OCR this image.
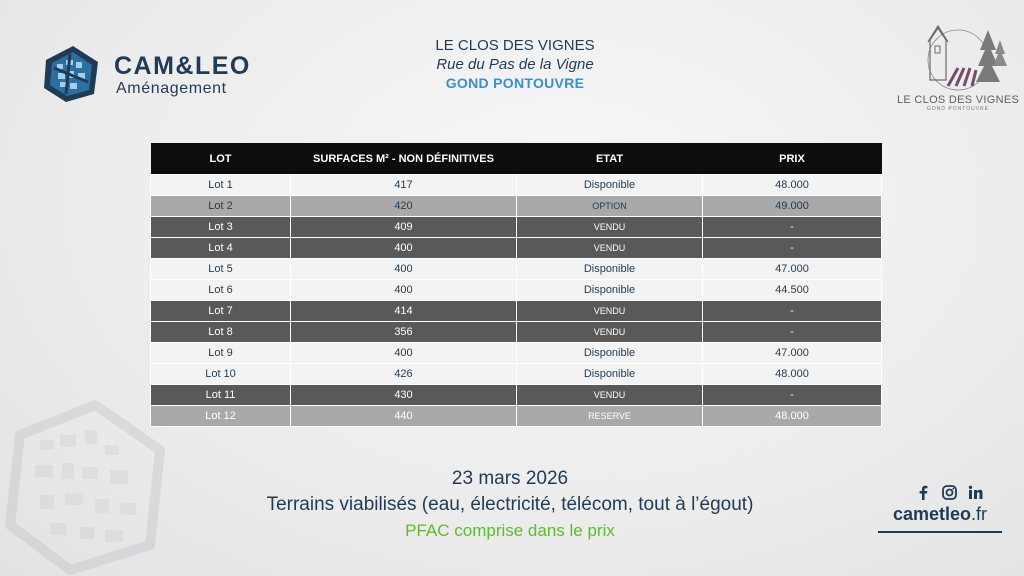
CAM&LEO
Aménagement
LE CLOS DES VIGNES
Rue du Pas de la Vigne
GOND PONTOUVRE
LE CLOS DES VIGNES
GOND PONTOUVRE
LOT	SURFACES M² - NON DÉFINITIVES	ETAT	PRIX
Lot 1	417	Disponible	48.000
Lot 2	420	OPTION	49.000
Lot 3	409	VENDU	-
Lot 4	400	VENDU	-
Lot 5	400	Disponible	47.000
Lot 6	400	Disponible	44.500
Lot 7	414	VENDU	-
Lot 8	356	VENDU	-
Lot 9	400	Disponible	47.000
Lot 10	426	Disponible	48.000
Lot 11	430	VENDU	-
Lot 12	440	RESERVE	48.000
23 mars 2026
Terrains viabilisés (eau, électricité, télécom, tout à l’égout)
PFAC comprise dans le prix
cametleo.fr
